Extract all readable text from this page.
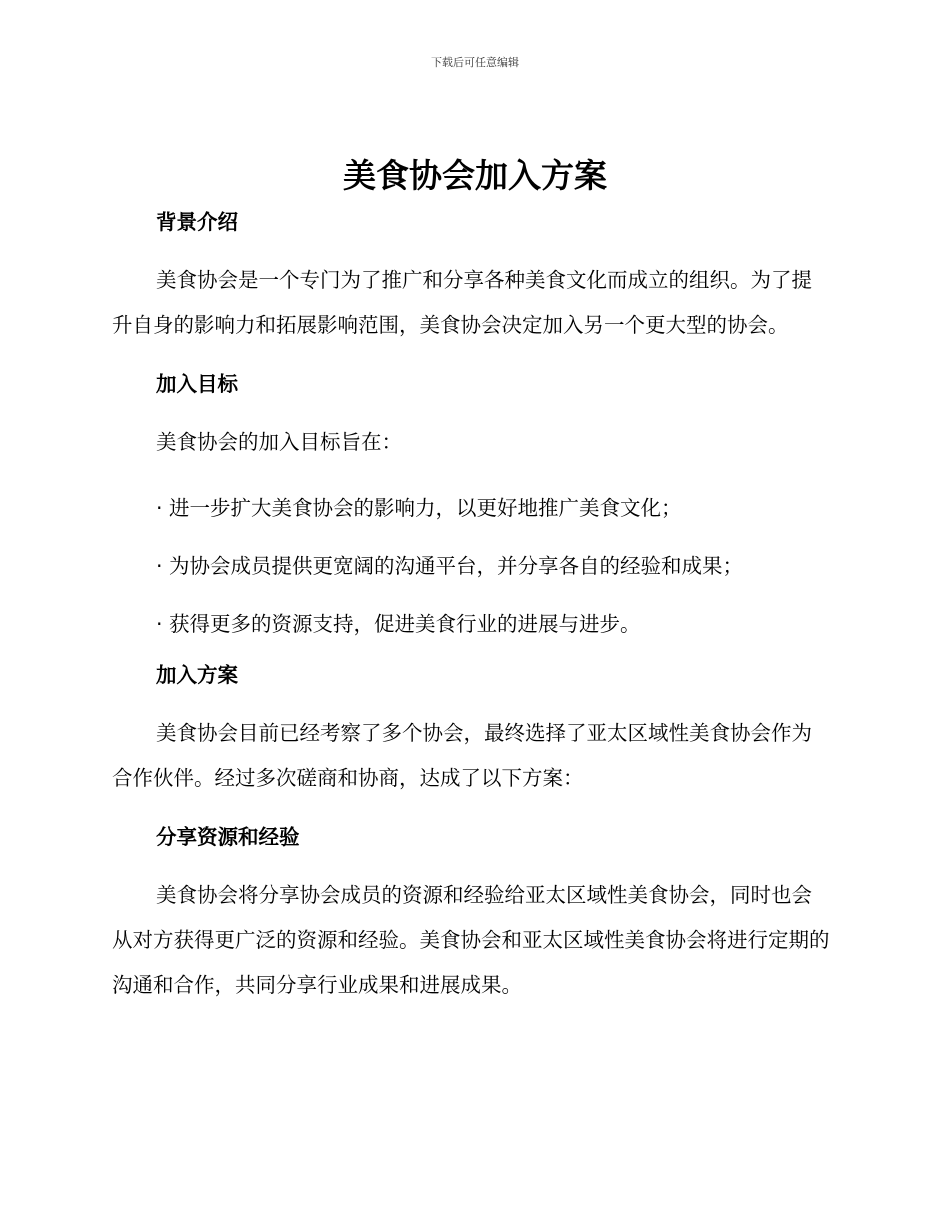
下载后可任意编辑
美食协会加入方案

背景介绍

美食协会是一个专门为了推广和分享各种美食文化而成立的组织。为了提升自身的影响力和拓展影响范围，美食协会决定加入另一个更大型的协会。

加入目标

美食协会的加入目标旨在：

· 进一步扩大美食协会的影响力，以更好地推广美食文化；

· 为协会成员提供更宽阔的沟通平台，并分享各自的经验和成果；

· 获得更多的资源支持，促进美食行业的进展与进步。

加入方案

美食协会目前已经考察了多个协会，最终选择了亚太区域性美食协会作为合作伙伴。经过多次磋商和协商，达成了以下方案：

分享资源和经验

美食协会将分享协会成员的资源和经验给亚太区域性美食协会，同时也会从对方获得更广泛的资源和经验。美食协会和亚太区域性美食协会将进行定期的沟通和合作，共同分享行业成果和进展成果。
